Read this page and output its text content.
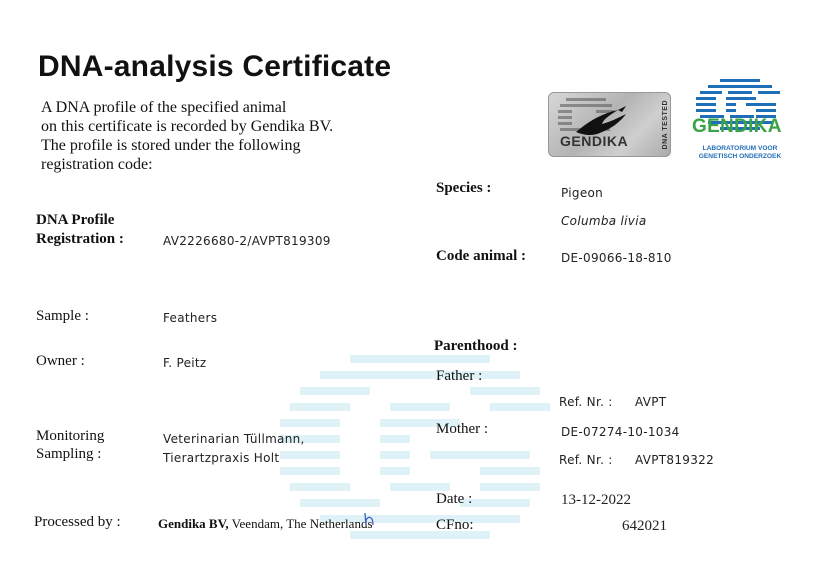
DNA-analysis Certificate
A DNA profile of the specified animal
on this certificate is recorded by Gendika BV.
The profile is stored under the following
registration code:
GENDIKA	DNA TESTED GENDIKA
LABORATORIUM VOOR
GENETISCH ONDERZOEK
DNA Profile
Registration :	AV2226680-2/AVPT819309
Sample :	Feathers
Owner :	F. Peitz
Monitoring
Sampling :
Veterinarian Tüllmann,
Tierartzpraxis Holt
Processed by :	Gendika BV, Veendam, The Netherlands
Species :	Pigeon
Columba livia
Code animal :	DE-09066-18-810
Parenthood :
Father :
Ref. Nr. : AVPT
Mother :	DE-07274-10-1034
Ref. Nr. : AVPT819322
Date :	13-12-2022
CFno:	642021
